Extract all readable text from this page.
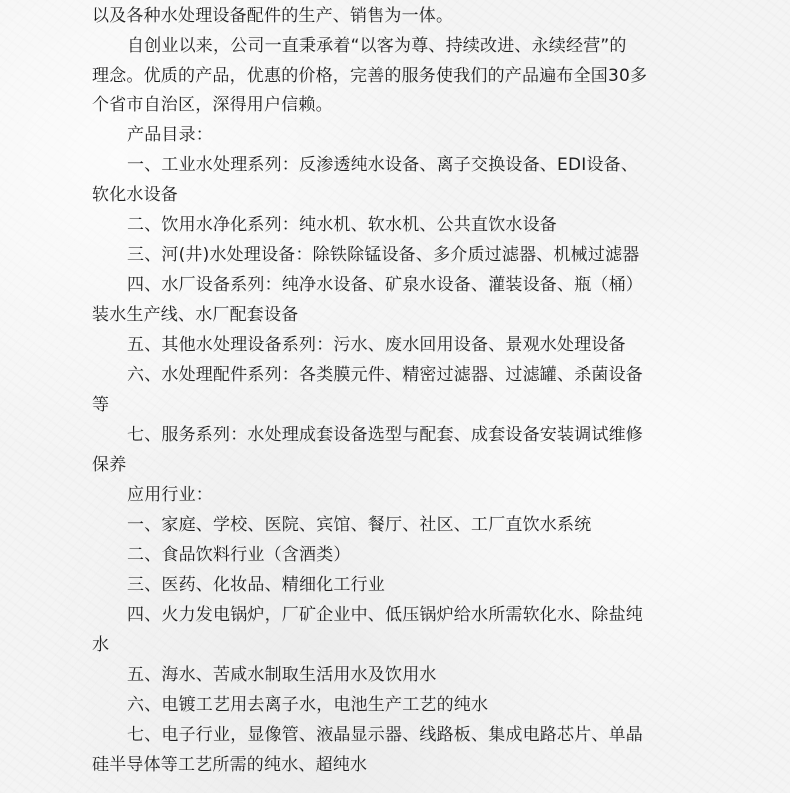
以及各种水处理设备配件的生产、销售为一体。
自创业以来，公司一直秉承着“以客为尊、持续改进、永续经营”的
理念。优质的产品，优惠的价格，完善的服务使我们的产品遍布全国30多
个省市自治区，深得用户信赖。
产品目录：
一、工业水处理系列：反渗透纯水设备、离子交换设备、EDI设备、
软化水设备
二、饮用水净化系列：纯水机、软水机、公共直饮水设备
三、河(井)水处理设备：除铁除锰设备、多介质过滤器、机械过滤器
四、水厂设备系列：纯净水设备、矿泉水设备、灌装设备、瓶（桶）
装水生产线、水厂配套设备
五、其他水处理设备系列：污水、废水回用设备、景观水处理设备
六、水处理配件系列：各类膜元件、精密过滤器、过滤罐、杀菌设备
等
七、服务系列：水处理成套设备选型与配套、成套设备安装调试维修
保养
应用行业：
一、家庭、学校、医院、宾馆、餐厅、社区、工厂直饮水系统
二、食品饮料行业（含酒类）
三、医药、化妆品、精细化工行业
四、火力发电锅炉，厂矿企业中、低压锅炉给水所需软化水、除盐纯
水
五、海水、苦咸水制取生活用水及饮用水
六、电镀工艺用去离子水，电池生产工艺的纯水
七、电子行业，显像管、液晶显示器、线路板、集成电路芯片、单晶
硅半导体等工艺所需的纯水、超纯水
